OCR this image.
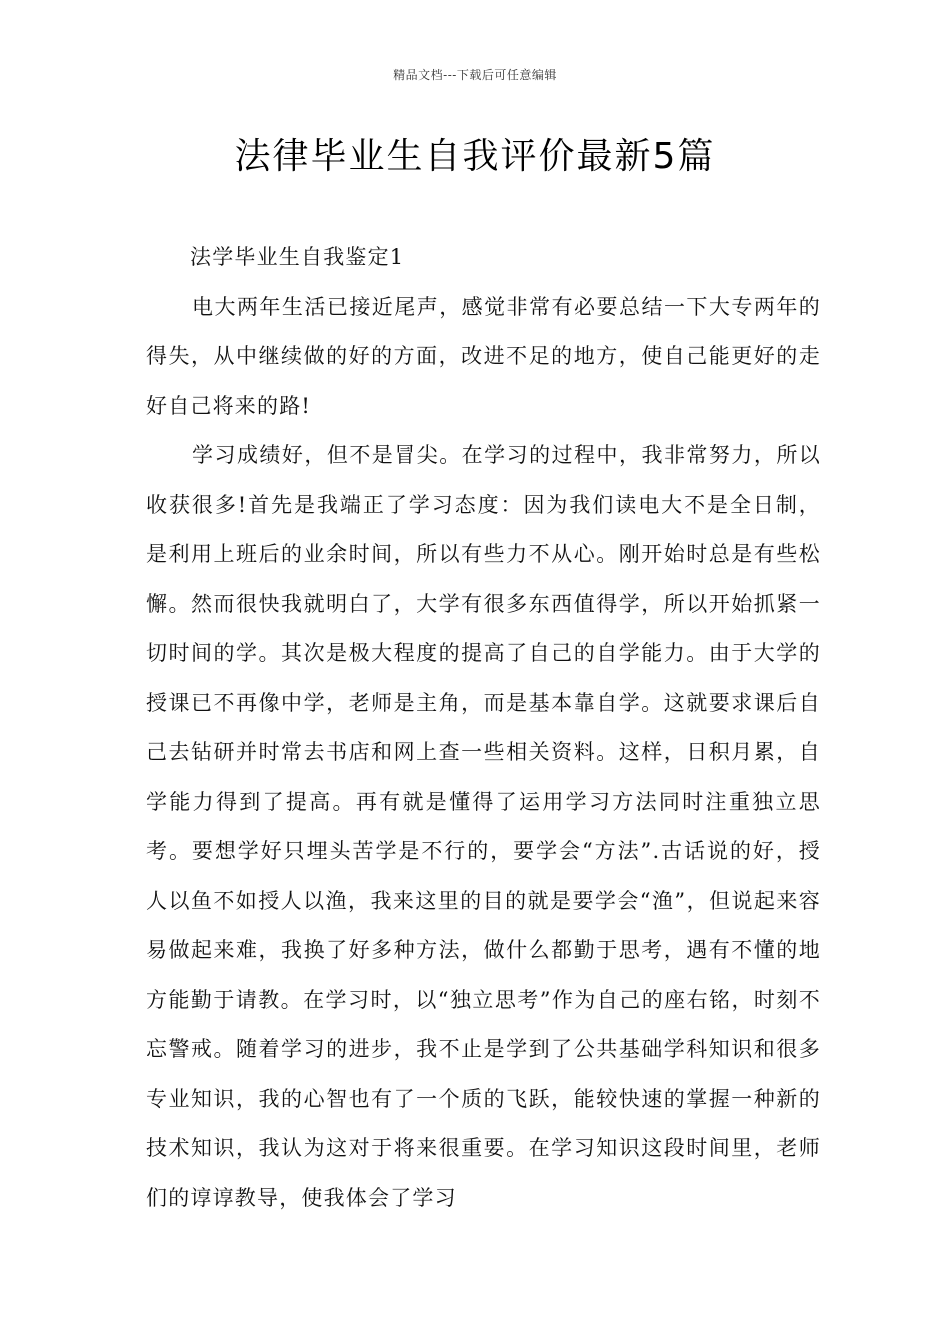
精品文档---下载后可任意编辑
法律毕业生自我评价最新5篇

法学毕业生自我鉴定1

电大两年生活已接近尾声，感觉非常有必要总结一下大专两年的得失，从中继续做的好的方面，改进不足的地方，使自己能更好的走好自己将来的路!

学习成绩好，但不是冒尖。在学习的过程中，我非常努力，所以收获很多!首先是我端正了学习态度：因为我们读电大不是全日制，是利用上班后的业余时间，所以有些力不从心。刚开始时总是有些松懈。然而很快我就明白了，大学有很多东西值得学，所以开始抓紧一切时间的学。其次是极大程度的提高了自己的自学能力。由于大学的授课已不再像中学，老师是主角，而是基本靠自学。这就要求课后自己去钻研并时常去书店和网上查一些相关资料。这样，日积月累，自学能力得到了提高。再有就是懂得了运用学习方法同时注重独立思考。要想学好只埋头苦学是不行的，要学会“方法”.古话说的好，授人以鱼不如授人以渔，我来这里的目的就是要学会“渔”，但说起来容易做起来难，我换了好多种方法，做什么都勤于思考，遇有不懂的地方能勤于请教。在学习时，以“独立思考”作为自己的座右铭，时刻不忘警戒。随着学习的进步，我不止是学到了公共基础学科知识和很多专业知识，我的心智也有了一个质的飞跃，能较快速的掌握一种新的技术知识，我认为这对于将来很重要。在学习知识这段时间里，老师们的谆谆教导，使我体会了学习
